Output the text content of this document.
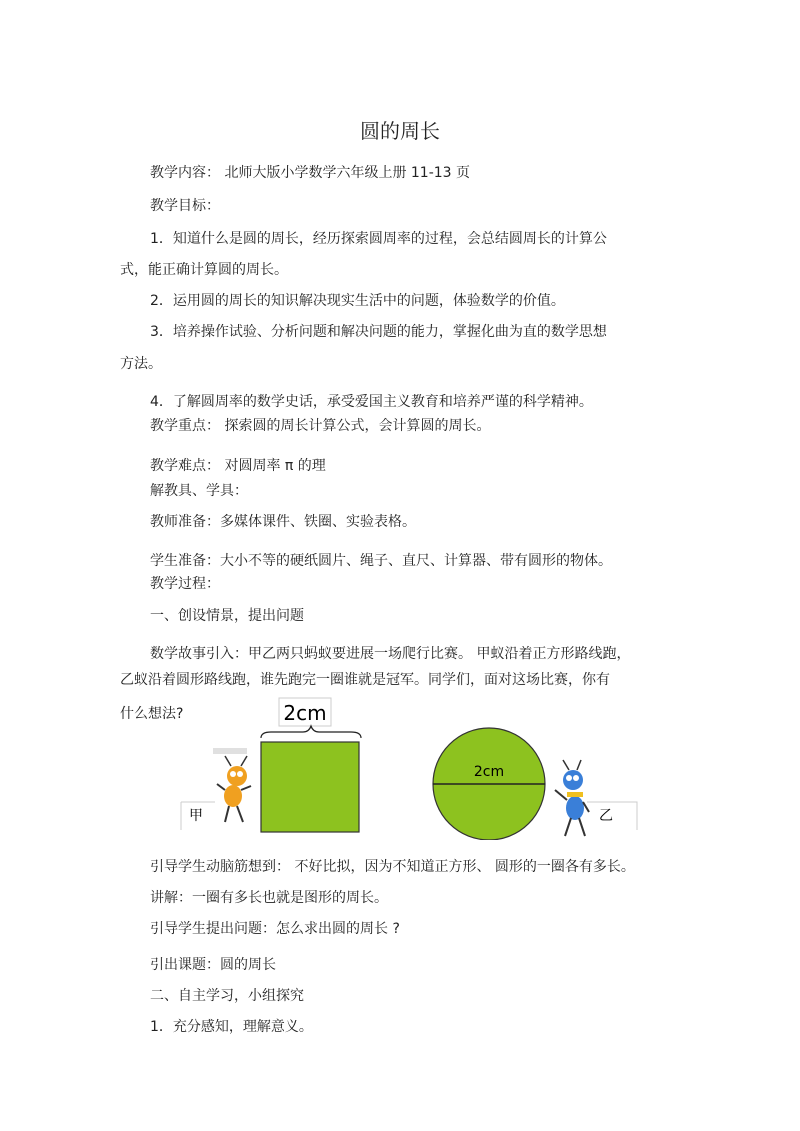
圆的周长
教学内容： 北师大版小学数学六年级上册 11-13 页
教学目标：
1．知道什么是圆的周长，经历探索圆周率的过程，会总结圆周长的计算公
式，能正确计算圆的周长。
2．运用圆的周长的知识解决现实生活中的问题，体验数学的价值。
3．培养操作试验、分析问题和解决问题的能力，掌握化曲为直的数学思想
方法。
4．了解圆周率的数学史话，承受爱国主义教育和培养严谨的科学精神。
教学重点： 探索圆的周长计算公式，会计算圆的周长。
教学难点： 对圆周率 π 的理
解教具、学具：
教师准备：多媒体课件、铁圈、实验表格。
学生准备：大小不等的硬纸圆片、绳子、直尺、计算器、带有圆形的物体。
教学过程：
一、创设情景，提出问题
数学故事引入：甲乙两只蚂蚁要进展一场爬行比赛。 甲蚁沿着正方形路线跑，
乙蚁沿着圆形路线跑，谁先跑完一圈谁就是冠军。同学们，面对这场比赛，你有
什么想法?	2cm
甲
2cm
乙
引导学生动脑筋想到： 不好比拟，因为不知道正方形、 圆形的一圈各有多长。
讲解：一圈有多长也就是图形的周长。
引导学生提出问题：怎么求出圆的周长 ?
引出课题：圆的周长
二、自主学习，小组探究
1．充分感知，理解意义。
